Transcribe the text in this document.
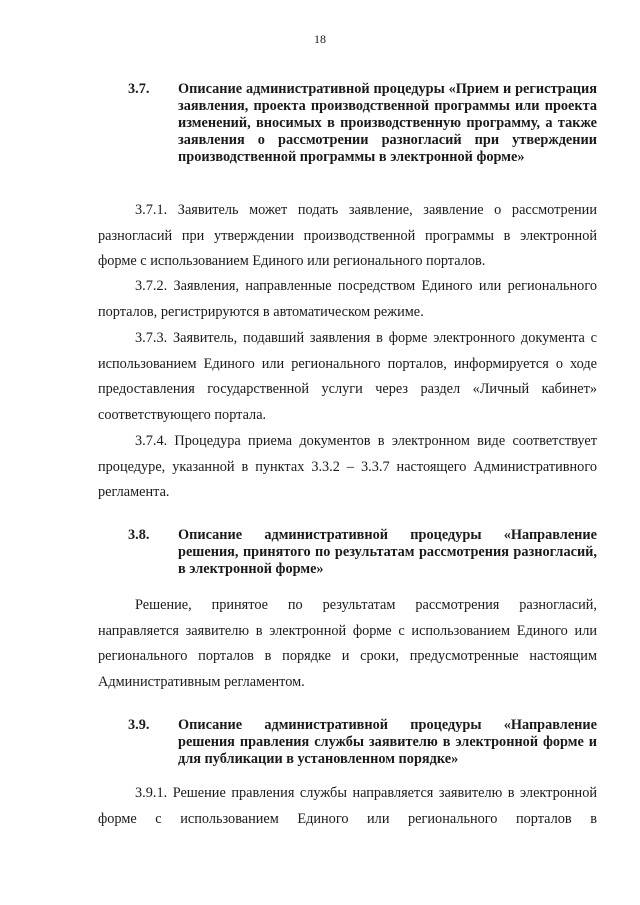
18
3.7. Описание административной процедуры «Прием и регистрация заявления, проекта производственной программы или проекта изменений, вносимых в производственную программу, а также заявления о рассмотрении разногласий при утверждении производственной программы в электронной форме»
3.7.1. Заявитель может подать заявление, заявление о рассмотрении разногласий при утверждении производственной программы в электронной форме с использованием Единого или регионального порталов.
3.7.2. Заявления, направленные посредством Единого или регионального порталов, регистрируются в автоматическом режиме.
3.7.3. Заявитель, подавший заявления в форме электронного документа с использованием Единого или регионального порталов, информируется о ходе предоставления государственной услуги через раздел «Личный кабинет» соответствующего портала.
3.7.4. Процедура приема документов в электронном виде соответствует процедуре, указанной в пунктах 3.3.2 – 3.3.7 настоящего Административного регламента.
3.8. Описание административной процедуры «Направление решения, принятого по результатам рассмотрения разногласий, в электронной форме»
Решение, принятое по результатам рассмотрения разногласий, направляется заявителю в электронной форме с использованием Единого или регионального порталов в порядке и сроки, предусмотренные настоящим Административным регламентом.
3.9. Описание административной процедуры «Направление решения правления службы заявителю в электронной форме и для публикации в установленном порядке»
3.9.1. Решение правления службы направляется заявителю в электронной форме с использованием Единого или регионального порталов в
